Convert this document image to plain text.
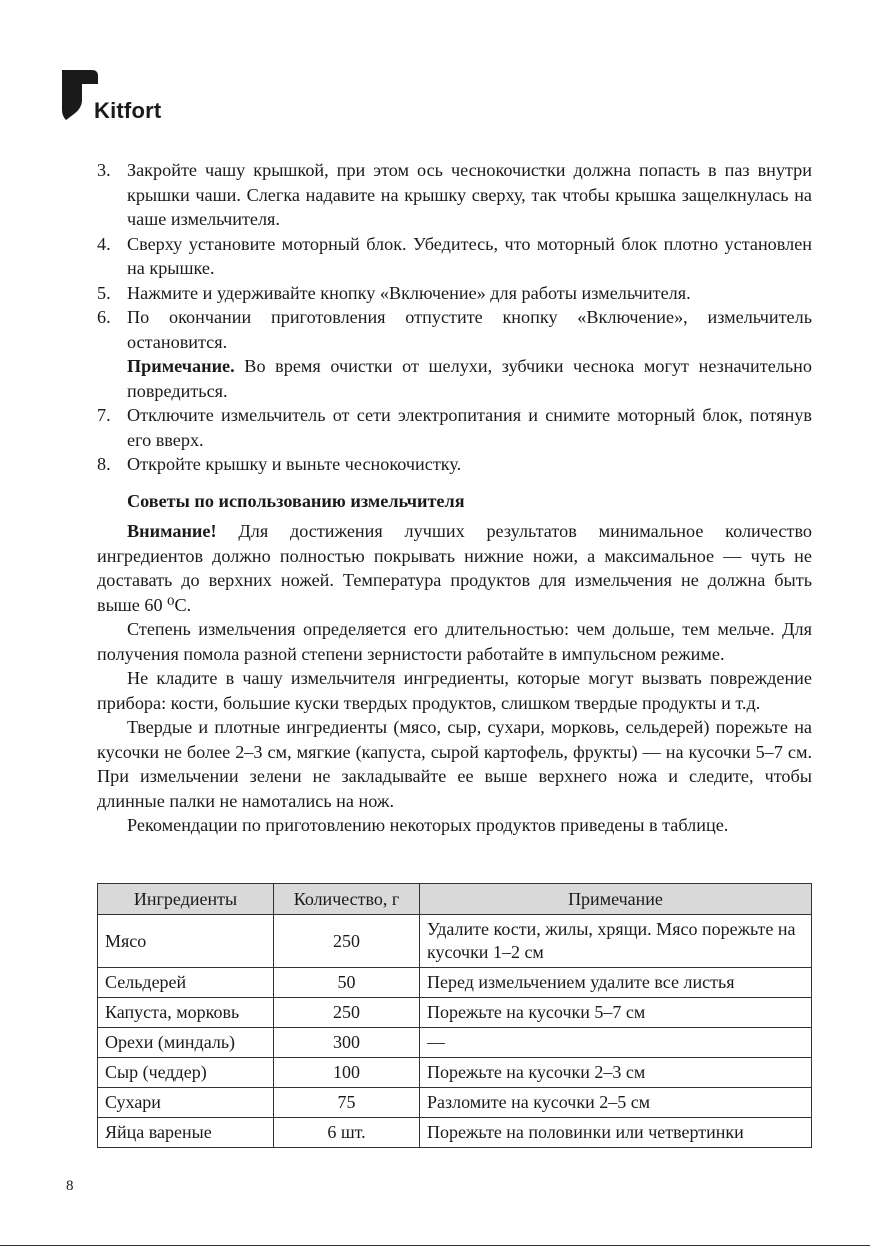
Kitfort
3. Закройте чашу крышкой, при этом ось чеснокочистки должна попасть в паз внутри крышки чаши. Слегка надавите на крышку сверху, так чтобы крышка защелкнулась на чаше измельчителя.
4. Сверху установите моторный блок. Убедитесь, что моторный блок плотно установлен на крышке.
5. Нажмите и удерживайте кнопку «Включение» для работы измельчителя.
6. По окончании приготовления отпустите кнопку «Включение», измельчитель остановится.
Примечание. Во время очистки от шелухи, зубчики чеснока могут незначительно повредиться.
7. Отключите измельчитель от сети электропитания и снимите моторный блок, потянув его вверх.
8. Откройте крышку и выньте чеснокочистку.
Советы по использованию измельчителя

Внимание! Для достижения лучших результатов минимальное количество ингредиентов должно полностью покрывать нижние ножи, а максимальное — чуть не доставать до верхних ножей. Температура продуктов для измельчения не должна быть выше 60 ⁰С.

Степень измельчения определяется его длительностью: чем дольше, тем мельче. Для получения помола разной степени зернистости работайте в импульсном режиме.

Не кладите в чашу измельчителя ингредиенты, которые могут вызвать повреждение прибора: кости, большие куски твердых продуктов, слишком твердые продукты и т.д.

Твердые и плотные ингредиенты (мясо, сыр, сухари, морковь, сельдерей) порежьте на кусочки не более 2–3 см, мягкие (капуста, сырой картофель, фрукты) — на кусочки 5–7 см. При измельчении зелени не закладывайте ее выше верхнего ножа и следите, чтобы длинные палки не намотались на нож.

Рекомендации по приготовлению некоторых продуктов приведены в таблице.

Ингредиенты	Количество, г	Примечание
Мясо	250	Удалите кости, жилы, хрящи. Мясо порежьте на кусочки 1–2 см
Сельдерей	50	Перед измельчением удалите все листья
Капуста, морковь	250	Порежьте на кусочки 5–7 см
Орехи (миндаль)	300	—
Сыр (чеддер)	100	Порежьте на кусочки 2–3 см
Сухари	75	Разломите на кусочки 2–5 см
Яйца вареные	6 шт.	Порежьте на половинки или четвертинки
8
